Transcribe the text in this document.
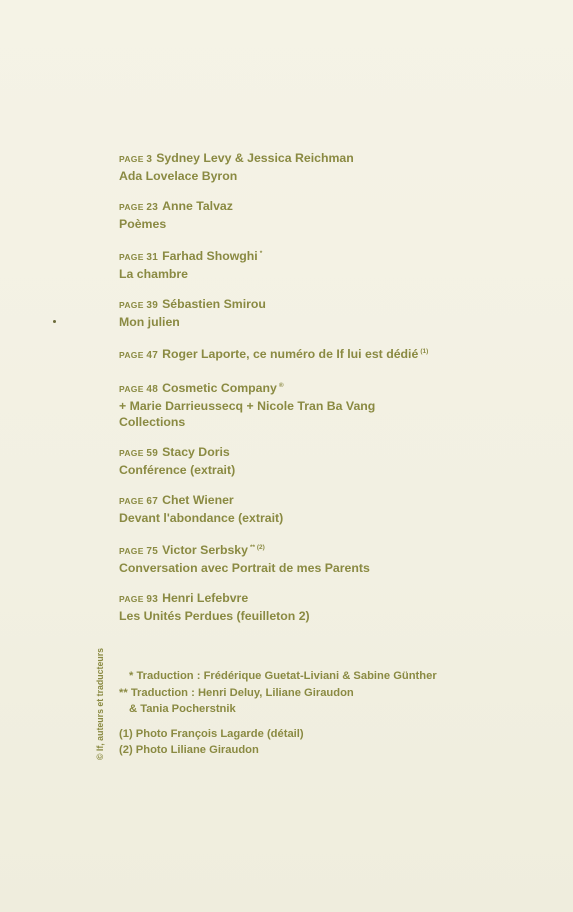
PAGE 3 Sydney Levy & Jessica Reichman
Ada Lovelace Byron
PAGE 23 Anne Talvaz
Poèmes
PAGE 31 Farhad Showghi *
La chambre
PAGE 39 Sébastien Smirou
Mon julien
PAGE 47 Roger Laporte, ce numéro de If lui est dédié $^{(1)}$
PAGE 48 Cosmetic Company ®
+ Marie Darrieussecq + Nicole Tran Ba Vang
Collections
PAGE 59 Stacy Doris
Conférence (extrait)
PAGE 67 Chet Wiener
Devant l'abondance (extrait)
PAGE 75 Victor Serbsky $^{** (2)}$
Conversation avec Portrait de mes Parents
PAGE 93 Henri Lefebvre
Les Unités Perdues (feuilleton 2)
* Traduction : Frédérique Guetat-Liviani & Sabine Günther
** Traduction : Henri Deluy, Liliane Giraudon
& Tania Pocherstnik
(1) Photo François Lagarde (détail)
(2) Photo Liliane Giraudon
© If, auteurs et traducteurs
